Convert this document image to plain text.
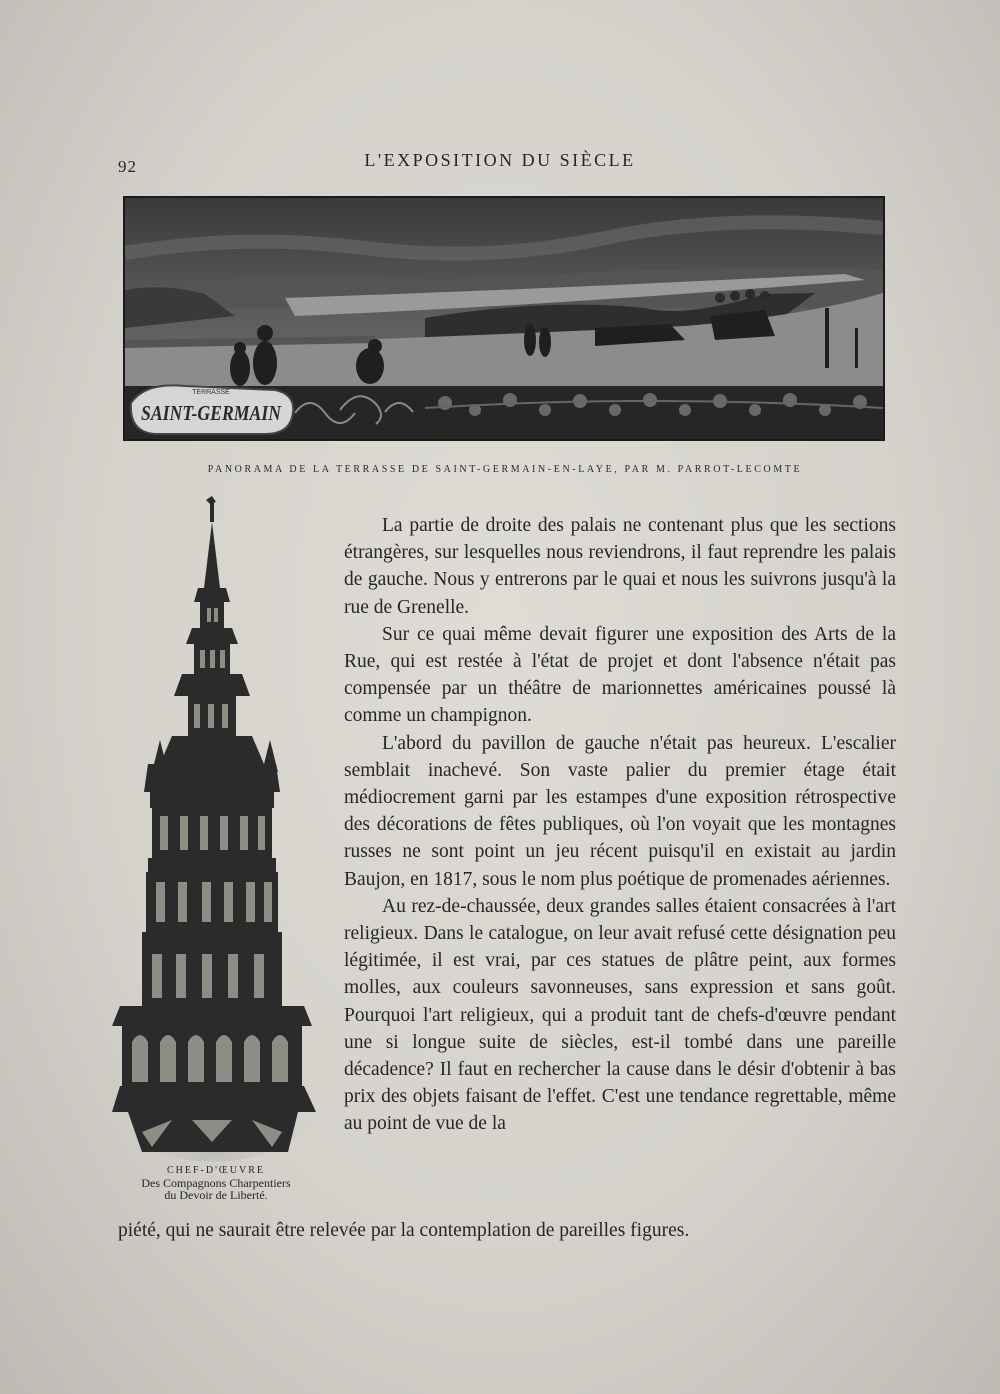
92	L'EXPOSITION DU SIÈCLE
TERRASSE
SAINT-GERMAIN
PANORAMA DE LA TERRASSE DE SAINT-GERMAIN-EN-LAYE, PAR M. PARROT-LECOMTE
CHEF-D'ŒUVRE
Des Compagnons Charpentiers
du Devoir de Liberté.

La partie de droite des palais ne contenant plus que les sections étrangères, sur lesquelles nous reviendrons, il faut reprendre les palais de gauche. Nous y entrerons par le quai et nous les suivrons jusqu'à la rue de Grenelle.

Sur ce quai même devait figurer une exposition des Arts de la Rue, qui est restée à l'état de projet et dont l'absence n'était pas compensée par un théâtre de marionnettes américaines poussé là comme un champignon.

L'abord du pavillon de gauche n'était pas heureux. L'escalier semblait inachevé. Son vaste palier du premier étage était médiocrement garni par les estampes d'une exposition rétrospective des décorations de fêtes publiques, où l'on voyait que les montagnes russes ne sont point un jeu récent puisqu'il en existait au jardin Baujon, en 1817, sous le nom plus poétique de promenades aériennes.

Au rez-de-chaussée, deux grandes salles étaient consacrées à l'art religieux. Dans le catalogue, on leur avait refusé cette désignation peu légitimée, il est vrai, par ces statues de plâtre peint, aux formes molles, aux couleurs savonneuses, sans expression et sans goût. Pourquoi l'art religieux, qui a produit tant de chefs-d'œuvre pendant une si longue suite de siècles, est-il tombé dans une pareille décadence? Il faut en rechercher la cause dans le désir d'obtenir à bas prix des objets faisant de l'effet. C'est une tendance regrettable, même au point de vue de la

piété, qui ne saurait être relevée par la contemplation de pareilles figures.
